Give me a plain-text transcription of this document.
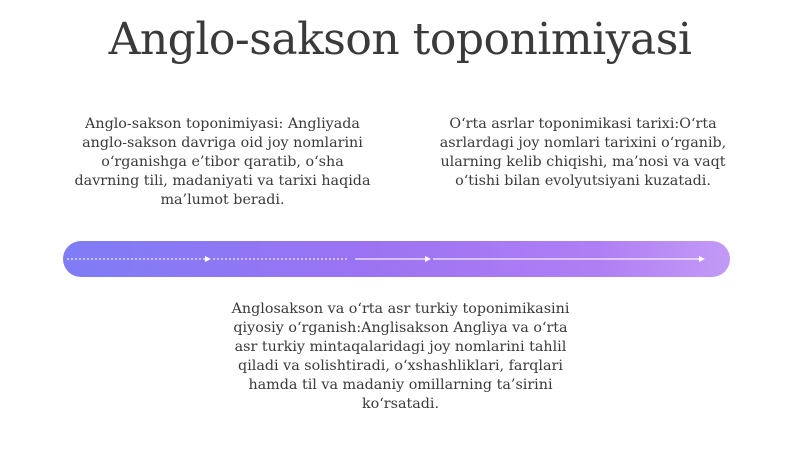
Anglo-sakson toponimiyasi
Anglo-sakson toponimiyasi: Angliyada anglo-sakson davriga oid joy nomlarini o‘rganishga e’tibor qaratib, o‘sha davrning tili, madaniyati va tarixi haqida ma’lumot beradi.
O‘rta asrlar toponimikasi tarixi:O‘rta asrlardagi joy nomlari tarixini o‘rganib, ularning kelib chiqishi, ma’nosi va vaqt o‘tishi bilan evolyutsiyani kuzatadi.
Anglosakson va o‘rta asr turkiy toponimikasini qiyosiy o‘rganish:Anglisakson Angliya va o‘rta asr turkiy mintaqalaridagi joy nomlarini tahlil qiladi va solishtiradi, o‘xshashliklari, farqlari hamda til va madaniy omillarning ta’sirini ko‘rsatadi.
